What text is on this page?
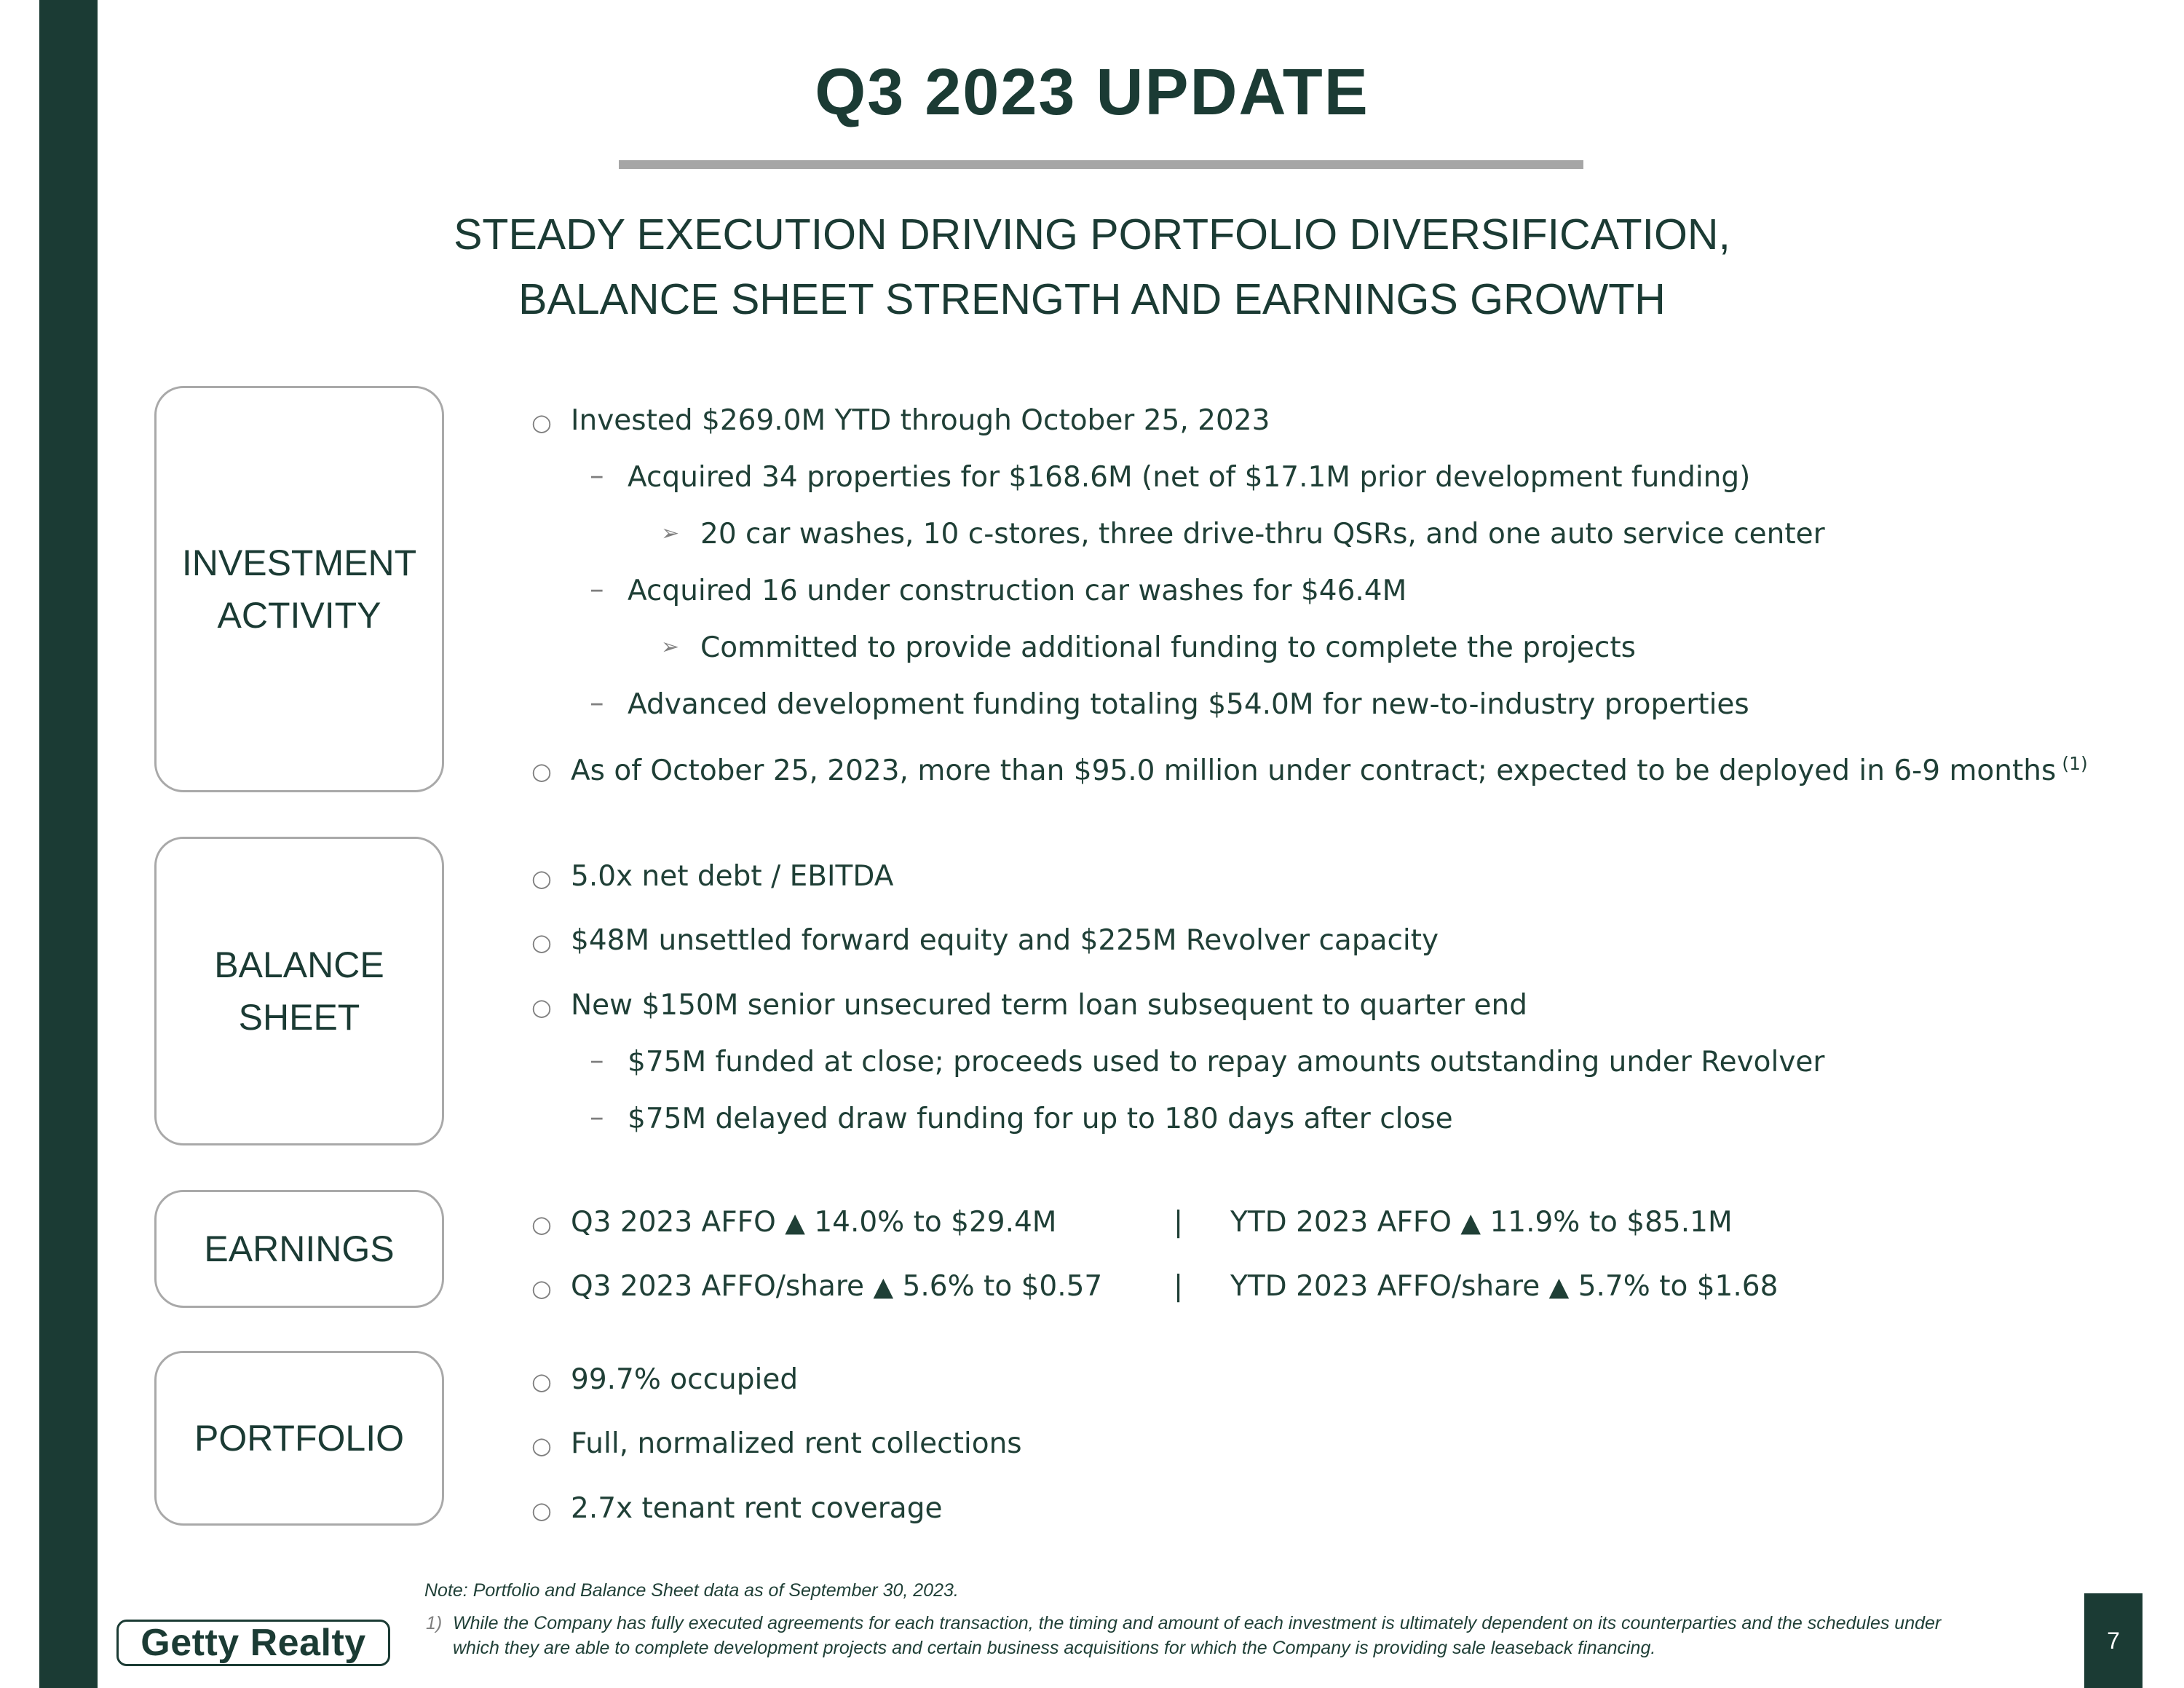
Q3 2023 UPDATE
STEADY EXECUTION DRIVING PORTFOLIO DIVERSIFICATION,
BALANCE SHEET STRENGTH AND EARNINGS GROWTH
INVESTMENT
ACTIVITY
BALANCE
SHEET
EARNINGS
PORTFOLIO
○ Invested $269.0M YTD through October 25, 2023
– Acquired 34 properties for $168.6M (net of $17.1M prior development funding)
➢ 20 car washes, 10 c-stores, three drive-thru QSRs, and one auto service center
– Acquired 16 under construction car washes for $46.4M
➢ Committed to provide additional funding to complete the projects
– Advanced development funding totaling $54.0M for new-to-industry properties
○ As of October 25, 2023, more than $95.0 million under contract; expected to be deployed in 6-9 months $^{(1)}$
○ 5.0x net debt / EBITDA
○ $48M unsettled forward equity and $225M Revolver capacity
○ New $150M senior unsecured term loan subsequent to quarter end
– $75M funded at close; proceeds used to repay amounts outstanding under Revolver
– $75M delayed draw funding for up to 180 days after close
○ Q3 2023 AFFO ▲ 14.0% to $29.4M	| YTD 2023 AFFO ▲ 11.9% to $85.1M
○ Q3 2023 AFFO/share ▲ 5.6% to $0.57	| YTD 2023 AFFO/share ▲ 5.7% to $1.68
○ 99.7% occupied
○ Full, normalized rent collections
○ 2.7x tenant rent coverage
Note: Portfolio and Balance Sheet data as of September 30, 2023.
1) While the Company has fully executed agreements for each transaction, the timing and amount of each investment is ultimately dependent on its counterparties and the schedules under
which they are able to complete development projects and certain business acquisitions for which the Company is providing sale leaseback financing.
Getty Realty	7
